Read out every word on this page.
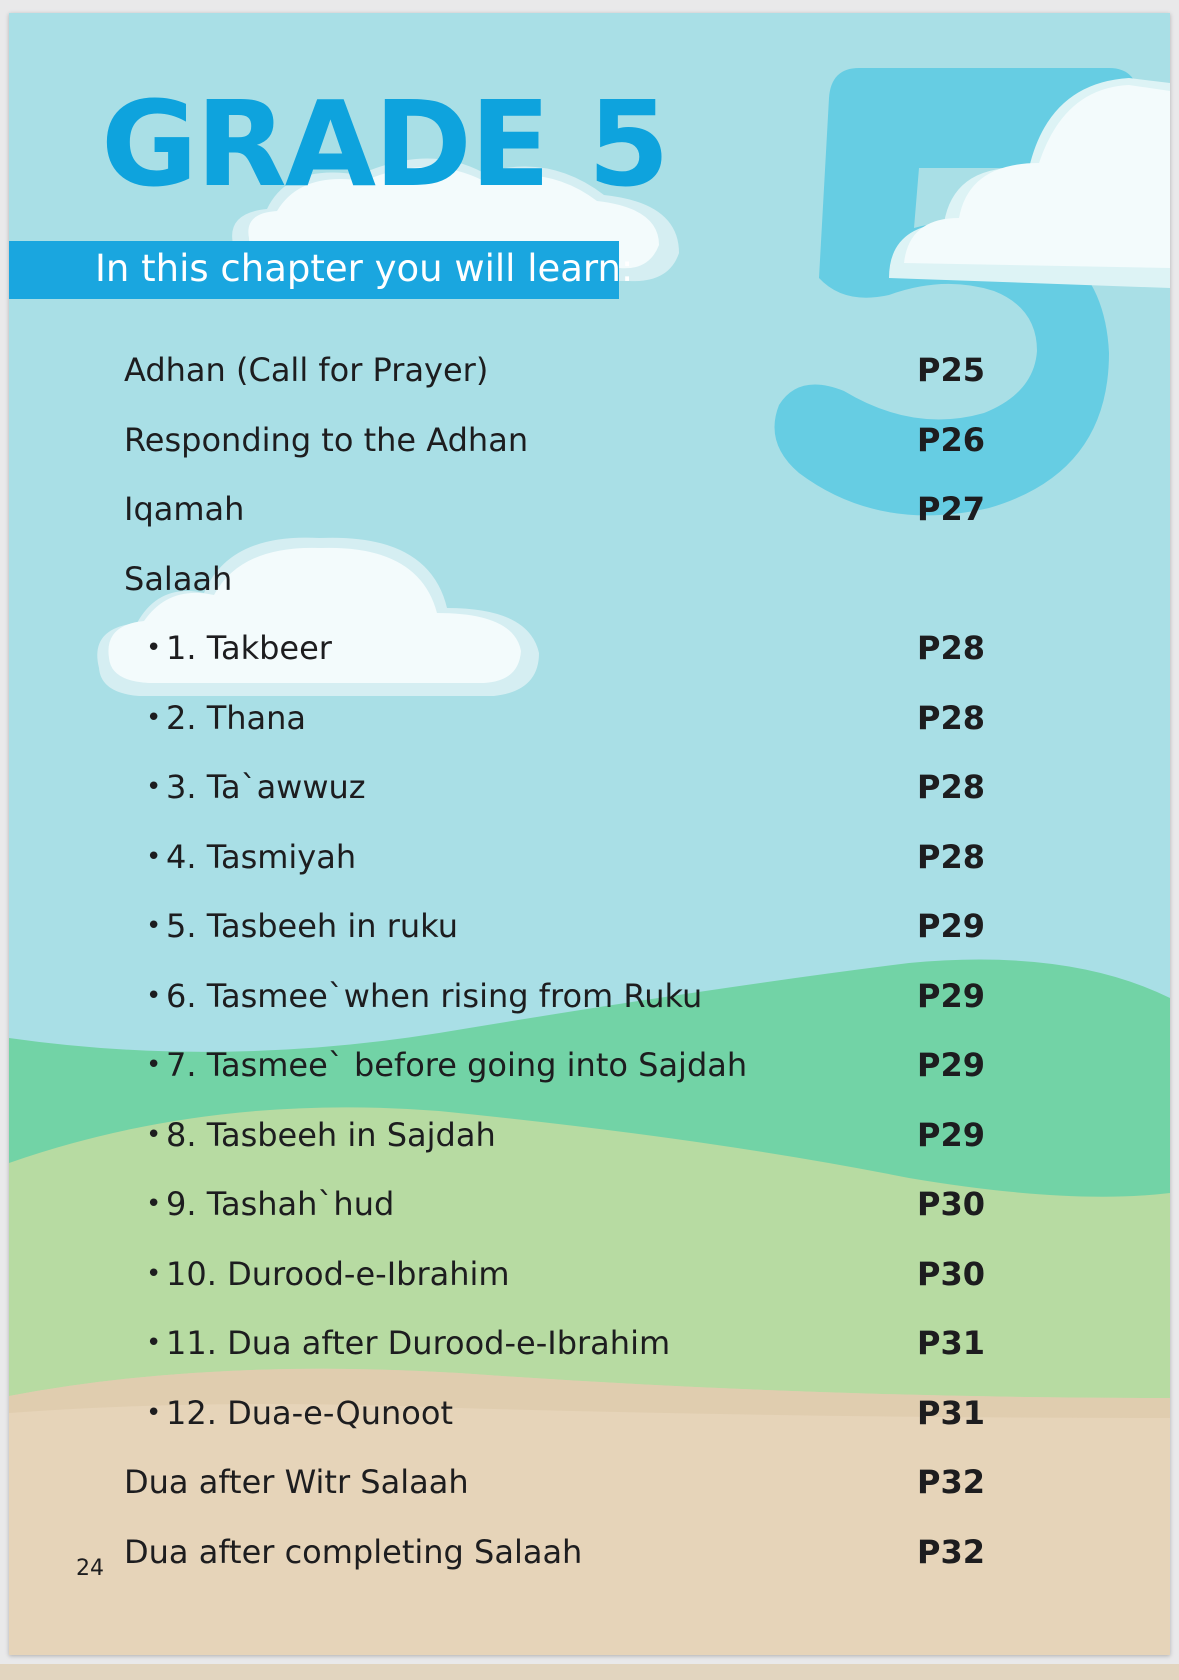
GRADE 5
In this chapter you will learn:
Adhan (Call for Prayer)	P25
Responding to the Adhan	P26
Iqamah	P27
Salaah
• 1. Takbeer	P28
• 2. Thana	P28
• 3. Ta`awwuz	P28
• 4. Tasmiyah	P28
• 5. Tasbeeh in ruku	P29
• 6. Tasmee`when rising from Ruku	P29
• 7. Tasmee` before going into Sajdah	P29
• 8. Tasbeeh in Sajdah	P29
• 9. Tashah`hud	P30
• 10. Durood-e-Ibrahim	P30
• 11. Dua after Durood-e-Ibrahim	P31
• 12. Dua-e-Qunoot	P31
Dua after Witr Salaah	P32
Dua after completing Salaah	P32
24
